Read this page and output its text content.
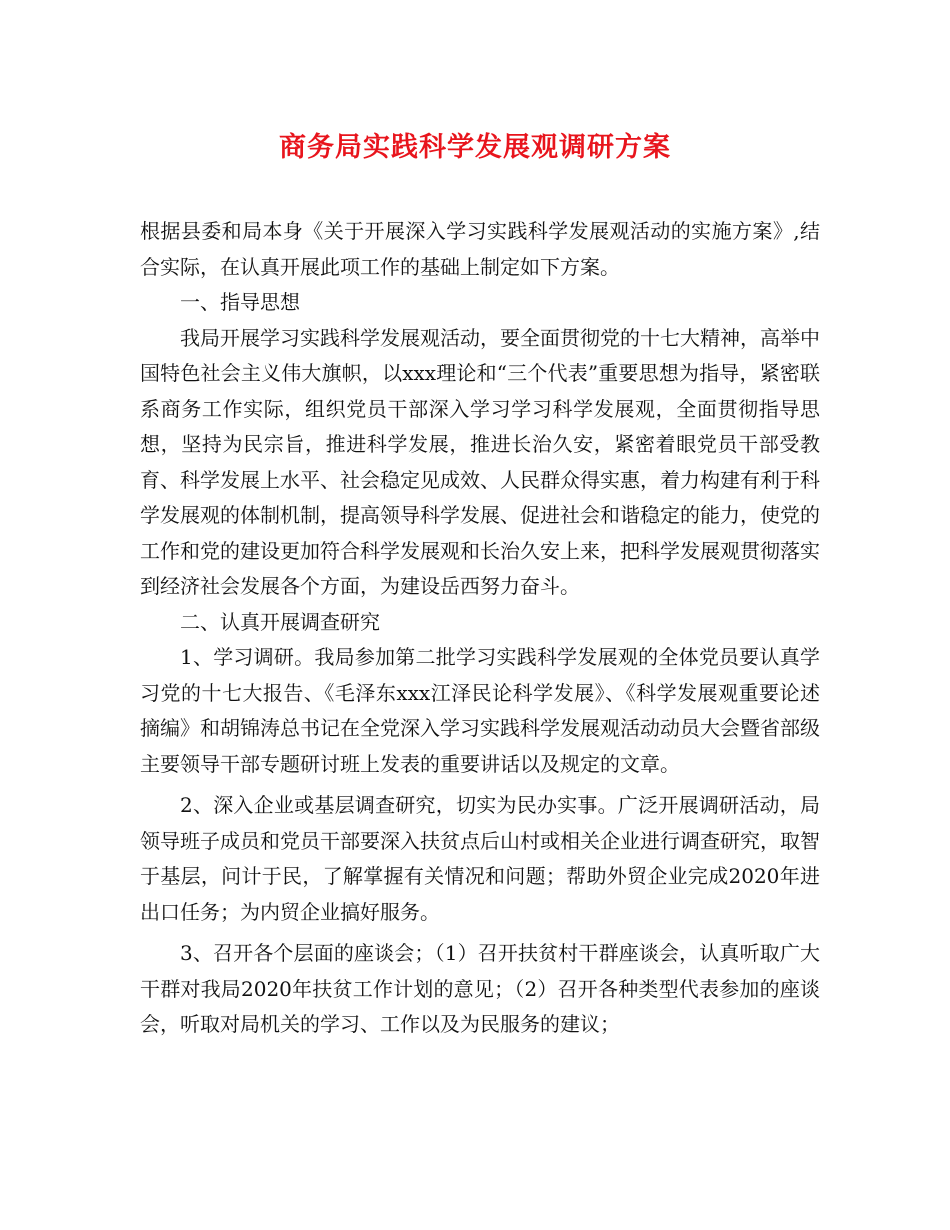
商务局实践科学发展观调研方案

根据县委和局本身《关于开展深入学习实践科学发展观活动的实施方案》,结合实际，在认真开展此项工作的基础上制定如下方案。

一、指导思想

我局开展学习实践科学发展观活动，要全面贯彻党的十七大精神，高举中国特色社会主义伟大旗帜，以xxx理论和“三个代表”重要思想为指导，紧密联系商务工作实际，组织党员干部深入学习学习科学发展观，全面贯彻指导思想，坚持为民宗旨，推进科学发展，推进长治久安，紧密着眼党员干部受教育、科学发展上水平、社会稳定见成效、人民群众得实惠，着力构建有利于科学发展观的体制机制，提高领导科学发展、促进社会和谐稳定的能力，使党的工作和党的建设更加符合科学发展观和长治久安上来，把科学发展观贯彻落实到经济社会发展各个方面，为建设岳西努力奋斗。

二、认真开展调查研究

1、学习调研。我局参加第二批学习实践科学发展观的全体党员要认真学习党的十七大报告、《毛泽东xxx江泽民论科学发展》、《科学发展观重要论述摘编》和胡锦涛总书记在全党深入学习实践科学发展观活动动员大会暨省部级主要领导干部专题研讨班上发表的重要讲话以及规定的文章。

2、深入企业或基层调查研究，切实为民办实事。广泛开展调研活动，局领导班子成员和党员干部要深入扶贫点后山村或相关企业进行调查研究，取智于基层，问计于民，了解掌握有关情况和问题；帮助外贸企业完成2020年进出口任务；为内贸企业搞好服务。

3、召开各个层面的座谈会；（1）召开扶贫村干群座谈会，认真听取广大干群对我局2020年扶贫工作计划的意见；（2）召开各种类型代表参加的座谈会，听取对局机关的学习、工作以及为民服务的建议；
